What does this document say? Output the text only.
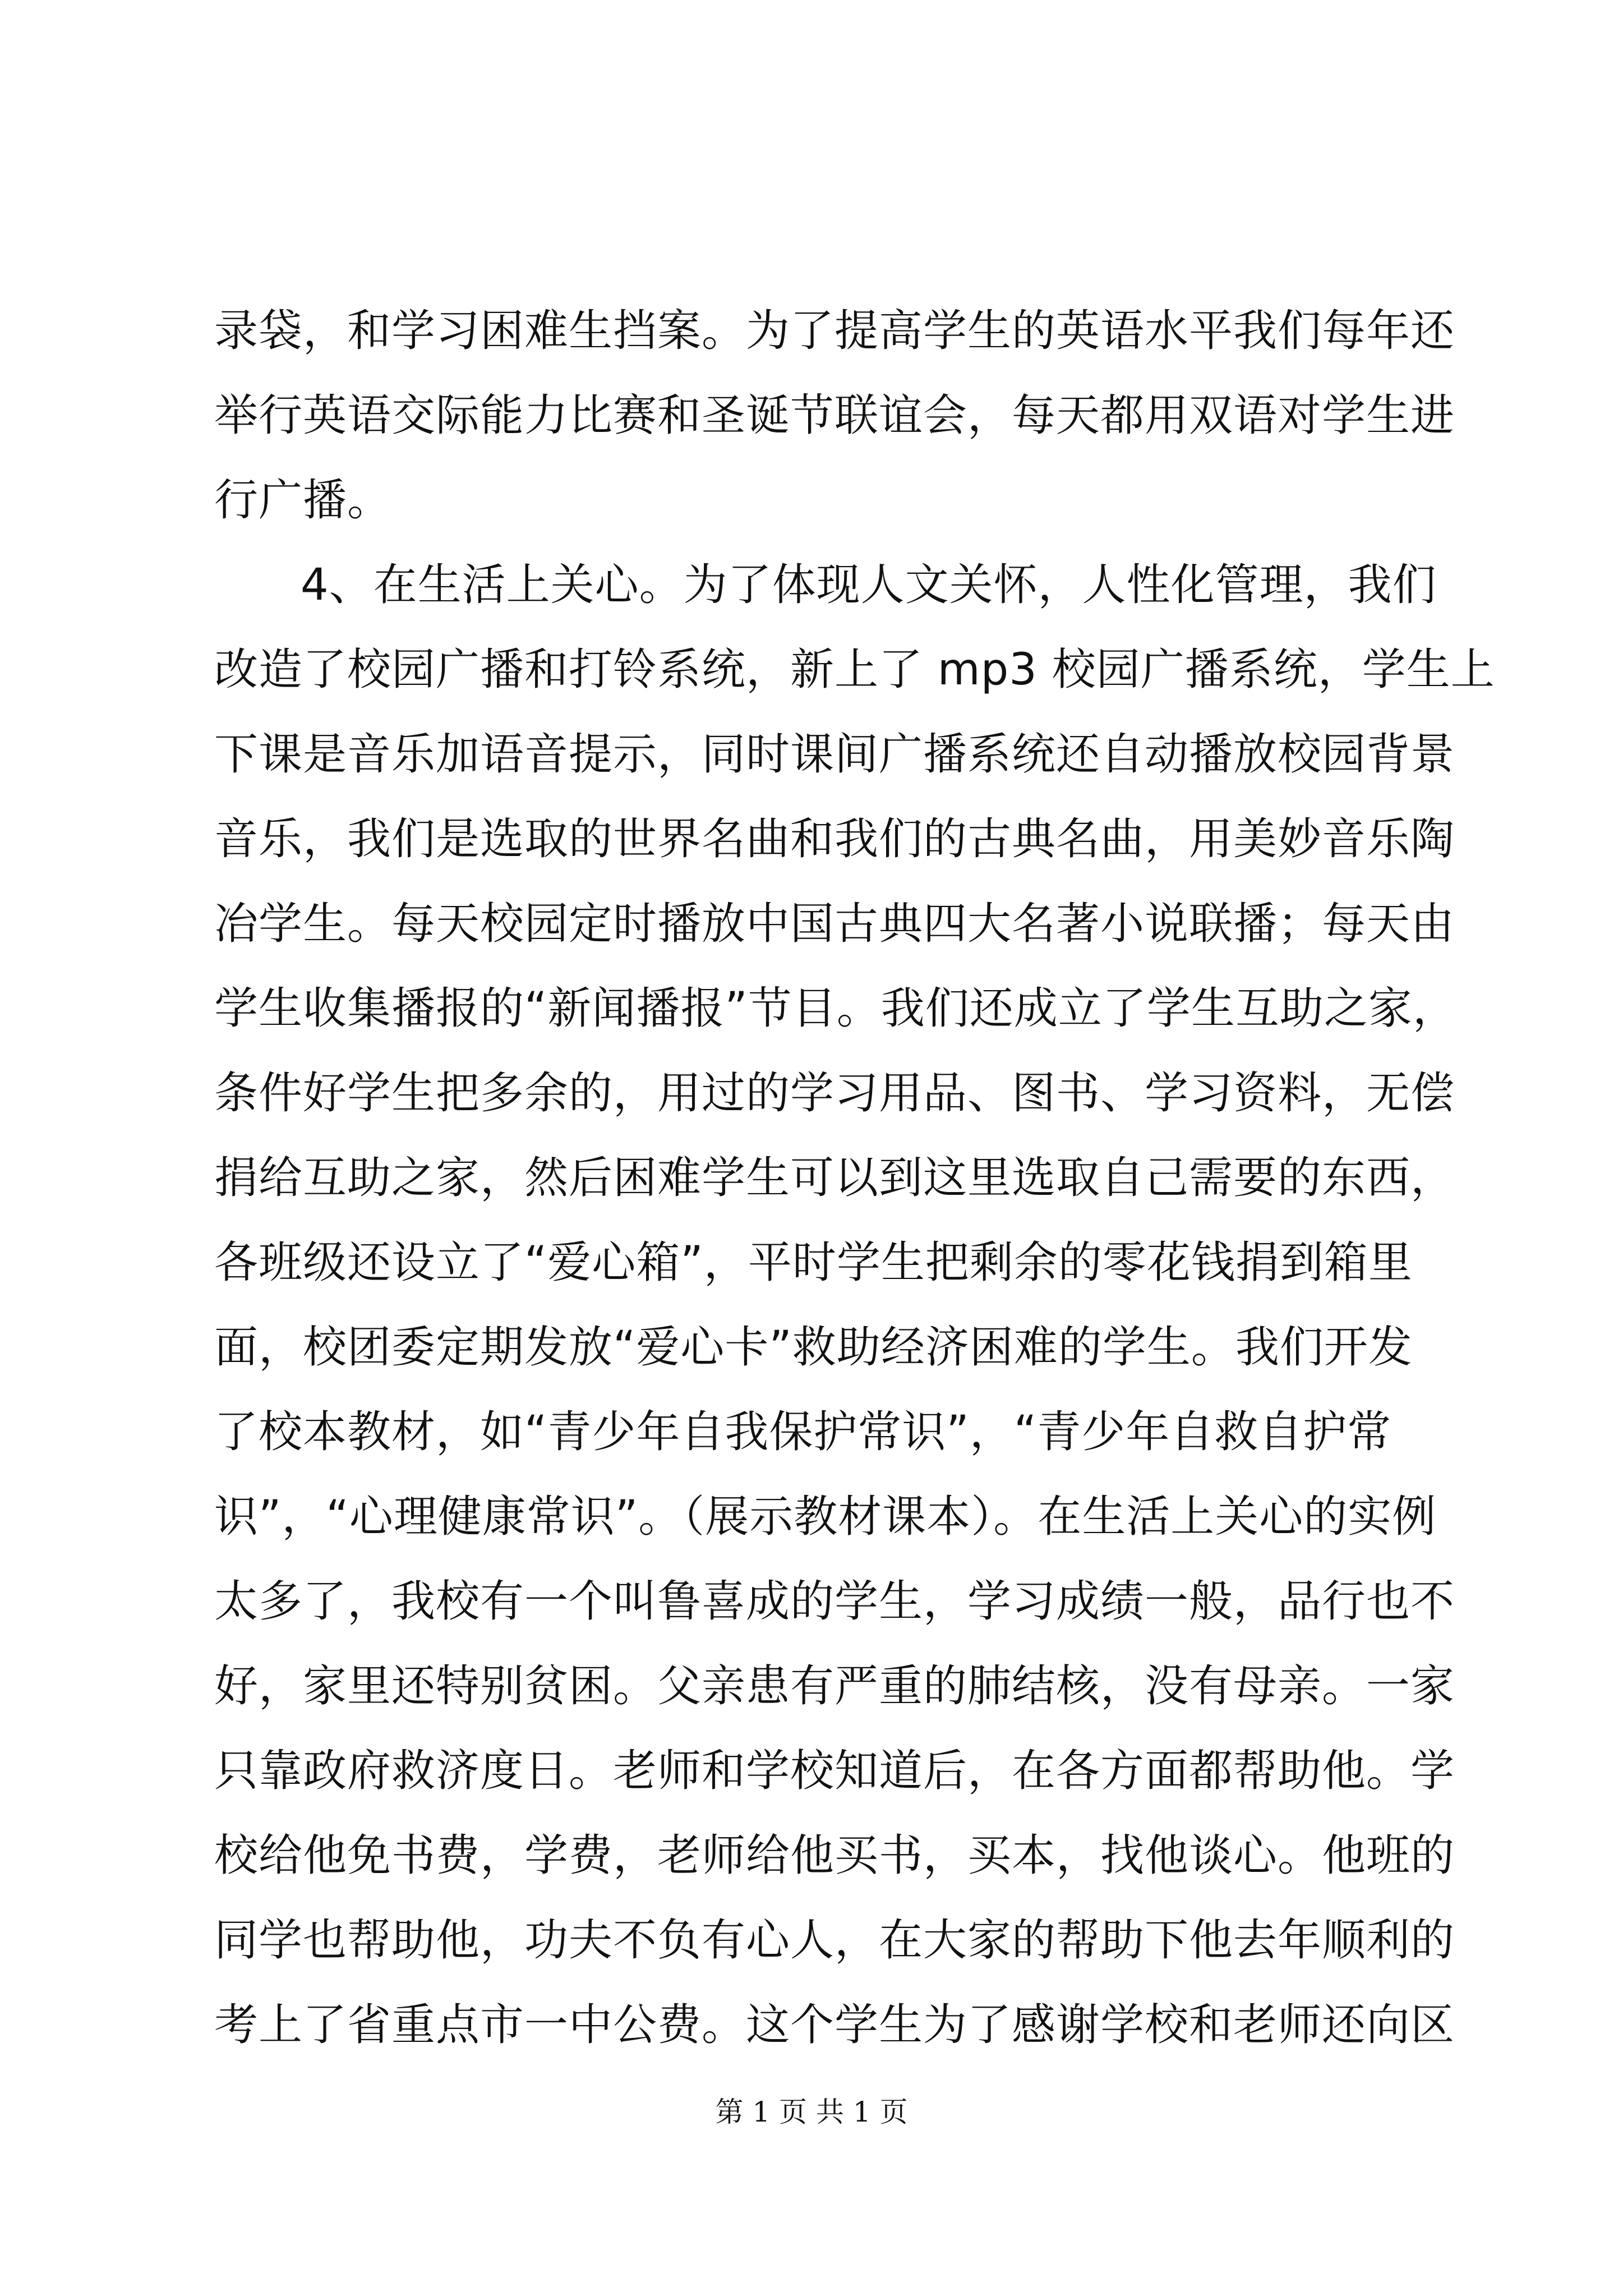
录袋，和学习困难生挡案。为了提高学生的英语水平我们每年还
举行英语交际能力比赛和圣诞节联谊会，每天都用双语对学生进
行广播。
4、在生活上关心。为了体现人文关怀，人性化管理，我们
改造了校园广播和打铃系统，新上了 mp3 校园广播系统，学生上
下课是音乐加语音提示，同时课间广播系统还自动播放校园背景
音乐，我们是选取的世界名曲和我们的古典名曲，用美妙音乐陶
冶学生。每天校园定时播放中国古典四大名著小说联播；每天由
学生收集播报的“新闻播报”节目。我们还成立了学生互助之家，
条件好学生把多余的，用过的学习用品、图书、学习资料，无偿
捐给互助之家，然后困难学生可以到这里选取自己需要的东西，
各班级还设立了“爱心箱”，平时学生把剩余的零花钱捐到箱里
面，校团委定期发放“爱心卡”救助经济困难的学生。我们开发
了校本教材，如“青少年自我保护常识”，“青少年自救自护常
识”，“心理健康常识”。（展示教材课本）。在生活上关心的实例
太多了，我校有一个叫鲁喜成的学生，学习成绩一般，品行也不
好，家里还特别贫困。父亲患有严重的肺结核，没有母亲。一家
只靠政府救济度日。老师和学校知道后，在各方面都帮助他。学
校给他免书费，学费，老师给他买书，买本，找他谈心。他班的
同学也帮助他，功夫不负有心人，在大家的帮助下他去年顺利的
考上了省重点市一中公费。这个学生为了感谢学校和老师还向区
第 1 页 共 1 页
